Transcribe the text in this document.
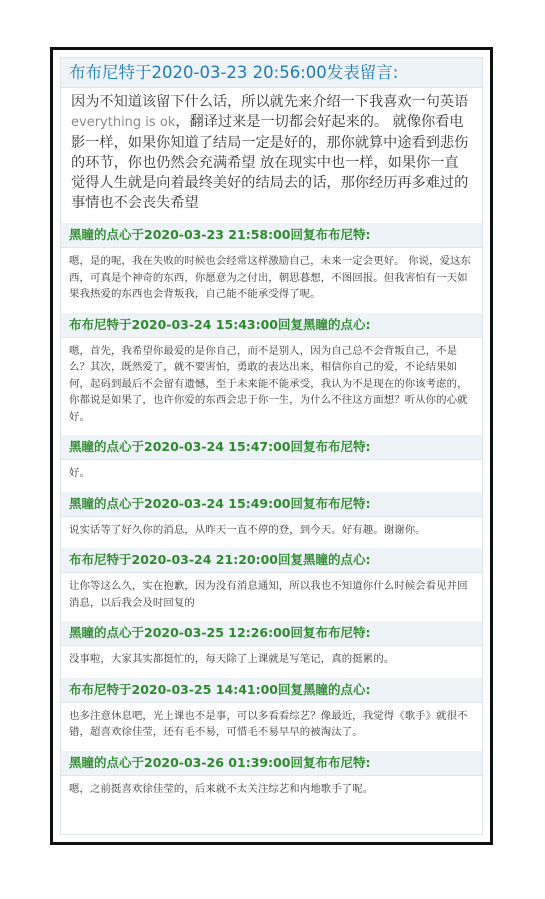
布布尼特于2020-03-23 20:56:00发表留言:
因为不知道该留下什么话，所以就先来介绍一下我喜欢一句英语everything is ok，翻译过来是一切都会好起来的。 就像你看电影一样，如果你知道了结局一定是好的，那你就算中途看到悲伤的环节，你也仍然会充满希望 放在现实中也一样，如果你一直觉得人生就是向着最终美好的结局去的话，那你经历再多难过的事情也不会丧失希望
黑瞳的点心于2020-03-23 21:58:00回复布布尼特:
嗯，是的呢，我在失败的时候也会经常这样激励自己，未来一定会更好。 你说，爱这东西，可真是个神奇的东西，你愿意为之付出，朝思暮想，不图回报。但我害怕有一天如果我热爱的东西也会背叛我，自己能不能承受得了呢。
布布尼特于2020-03-24 15:43:00回复黑瞳的点心:
嗯，首先，我希望你最爱的是你自己，而不是别人，因为自己总不会背叛自己，不是么？其次，既然爱了，就不要害怕，勇敢的表达出来，相信你自己的爱，不论结果如何，起码到最后不会留有遗憾，至于未来能不能承受，我认为不是现在的你该考虑的，你都说是如果了，也许你爱的东西会忠于你一生，为什么不往这方面想？听从你的心就好。
黑瞳的点心于2020-03-24 15:47:00回复布布尼特:
好。
黑瞳的点心于2020-03-24 15:49:00回复布布尼特:
说实话等了好久你的消息，从昨天一直不停的登，到今天。好有趣。谢谢你。
布布尼特于2020-03-24 21:20:00回复黑瞳的点心:
让你等这么久，实在抱歉，因为没有消息通知，所以我也不知道你什么时候会看见并回消息，以后我会及时回复的
黑瞳的点心于2020-03-25 12:26:00回复布布尼特:
没事啦，大家其实都挺忙的，每天除了上课就是写笔记，真的挺累的。
布布尼特于2020-03-25 14:41:00回复黑瞳的点心:
也多注意休息吧，光上课也不是事，可以多看看综艺？像最近，我觉得《歌手》就很不错，超喜欢徐佳莹，还有毛不易，可惜毛不易早早的被淘汰了。
黑瞳的点心于2020-03-26 01:39:00回复布布尼特:
嗯，之前挺喜欢徐佳莹的，后来就不太关注综艺和内地歌手了呢。
